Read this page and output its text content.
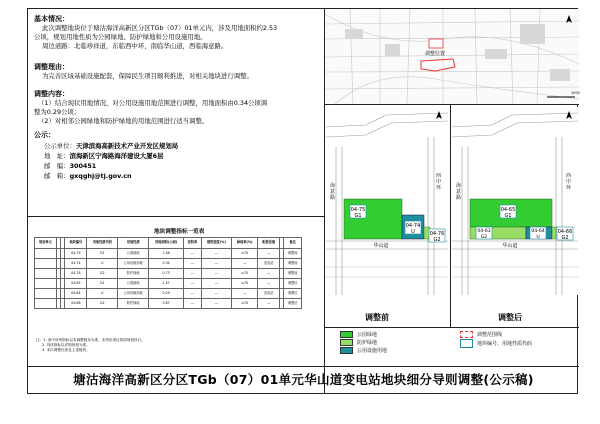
基本情况：
此次调整地块位于塘沽海洋高新区分区TGb（07）01单元内，涉及用地面积约2.53
公顷，规划用地性质为公园绿地、防护绿地和公用设施用地。
周边道路：北临珍祥道，东临西中环，南临华山道，西临海意路。
调整理由：
为完善区域基础设施配套，保障民生项目顺利推进，对相关地块进行调整。
调整内容：
（1）结合现状用地情况，对公用设施用地范围进行调整，用地面积由0.34公顷调
整为0.29公顷；
（2）对相邻公园绿地和防护绿地的用地范围进行适当调整。
公示：
公示单位：天津滨海高新技术产业开发区规划局
地　址：滨海新区宁海路海洋建设大厦6层
邮　编：300451
邮　箱：gxqghj@tj.gov.cn
地块调整指标一览表
规划单元			地块编号	用地性质代码	用地性质	用地面积(公顷)	容积率	建筑密度(%)	绿地率(%)	配套设施		备注
			04-75	G1	公园绿地	1.46	—	—	≥70	—		调整前
			04-74	U	公用设施用地	0.34	—	—	—	变电站		调整前
			04-76	G2	防护绿地	0.73	—	—	≥70	—		调整前
			04-65	G1	公园绿地	1.57	—	—	≥70	—		调整后
			04-64	U	公用设施用地	0.29	—	—	—	变电站		调整后
			04-66	G2	防护绿地	0.67	—	—	≥70	—		调整后
注：1. 表中所列指标以本调整版本为准，未列出项目按原规划执行。
2. 具体指标以详细规划为准。
3. 本次调整仅涉及上述地块。
调整位置
1000
04-75
G1
04-74
U	04-76
G2
华山道
海意路
西中环
调整前
04-65
G1
04-64
U
04-63
G2
04-66
G2
华山道
海意路
西中环
调整后
公园绿地
防护绿地
公用设施用地
调整范围线
地块编号、用地性质代码
塘沽海洋高新区分区TGb（07）01单元华山道变电站地块细分导则调整(公示稿)
